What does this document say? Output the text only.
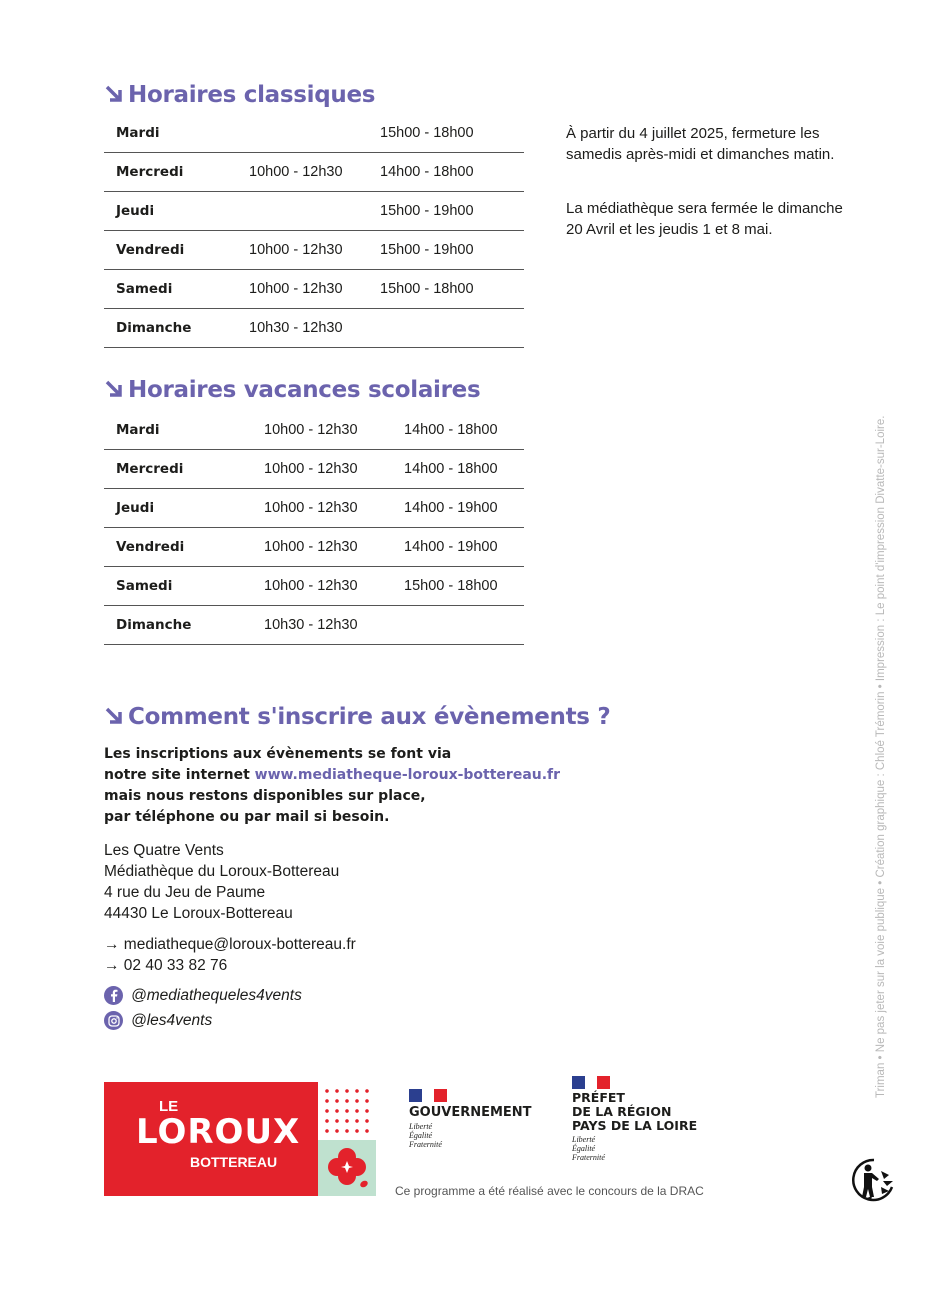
Horaires classiques
Mardi		15h00 - 18h00
Mercredi	10h00 - 12h30	14h00 - 18h00
Jeudi		15h00 - 19h00
Vendredi	10h00 - 12h30	15h00 - 19h00
Samedi	10h00 - 12h30	15h00 - 18h00
Dimanche	10h30 - 12h30	

À partir du 4 juillet 2025, fermeture les samedis après-midi et dimanches matin.

La médiathèque sera fermée le dimanche 20 Avril et les jeudis 1 et 8 mai.

Horaires vacances scolaires
Mardi	10h00 - 12h30	14h00 - 18h00
Mercredi	10h00 - 12h30	14h00 - 18h00
Jeudi	10h00 - 12h30	14h00 - 19h00
Vendredi	10h00 - 12h30	14h00 - 19h00
Samedi	10h00 - 12h30	15h00 - 18h00
Dimanche	10h30 - 12h30	
Comment s'inscrire aux évènements ?

Les inscriptions aux évènements se font via
notre site internet www.mediatheque-loroux-bottereau.fr
mais nous restons disponibles sur place,
par téléphone ou par mail si besoin.

Les Quatre Vents
Médiathèque du Loroux-Bottereau
4 rue du Jeu de Paume
44430 Le Loroux-Bottereau

→ mediatheque@loroux-bottereau.fr
→ 02 40 33 82 76
@mediathequeles4vents
@les4vents
LE
LOROUX
BOTTEREAU
GOUVERNEMENT
Liberté
Égalité
Fraternité
PRÉFET
DE LA RÉGION
PAYS DE LA LOIRE
Liberté
Égalité
Fraternité
Ce programme a été réalisé avec le concours de la DRAC
Triman • Ne pas jeter sur la voie publique • Création graphique : Chloé Trémorin • Impression : Le point d'impression Divatte-sur-Loire.
